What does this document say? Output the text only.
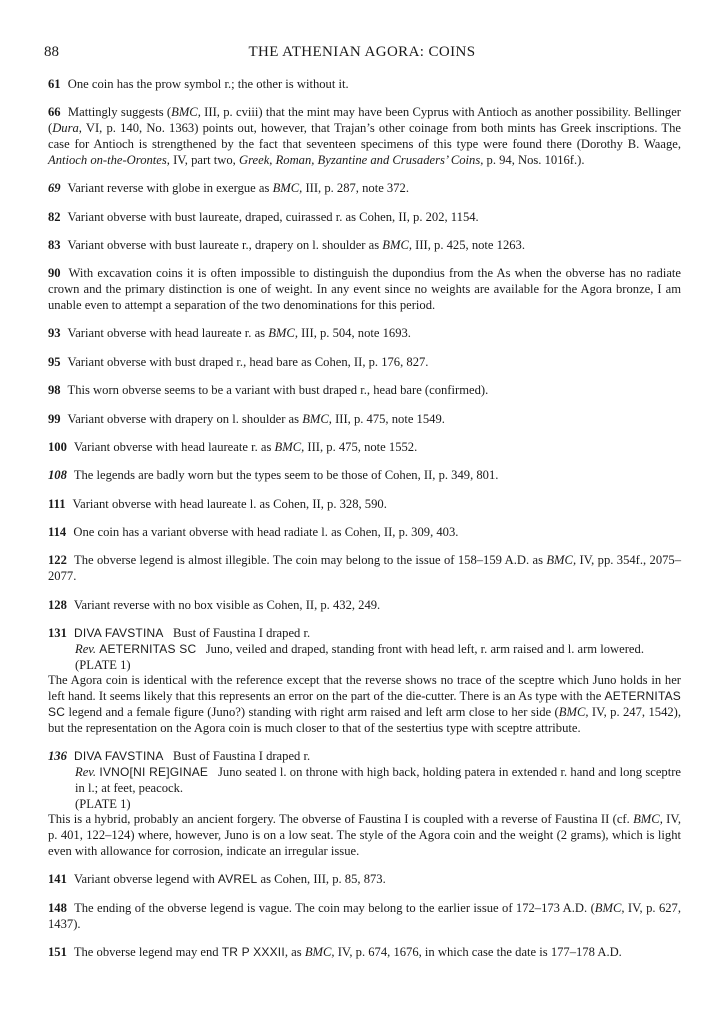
88	THE ATHENIAN AGORA: COINS

61 One coin has the prow symbol r.; the other is without it.

66 Mattingly suggests (BMC, III, p. cviii) that the mint may have been Cyprus with Antioch as another possibility. Bellinger (Dura, VI, p. 140, No. 1363) points out, however, that Trajan’s other coinage from both mints has Greek inscriptions. The case for Antioch is strengthened by the fact that seventeen specimens of this type were found there (Dorothy B. Waage, Antioch on-the-Orontes, IV, part two, Greek, Roman, Byzantine and Crusaders’ Coins, p. 94, Nos. 1016f.).

69 Variant reverse with globe in exergue as BMC, III, p. 287, note 372.

82 Variant obverse with bust laureate, draped, cuirassed r. as Cohen, II, p. 202, 1154.

83 Variant obverse with bust laureate r., drapery on l. shoulder as BMC, III, p. 425, note 1263.

90 With excavation coins it is often impossible to distinguish the dupondius from the As when the obverse has no radiate crown and the primary distinction is one of weight. In any event since no weights are available for the Agora bronze, I am unable even to attempt a separation of the two denominations for this period.

93 Variant obverse with head laureate r. as BMC, III, p. 504, note 1693.

95 Variant obverse with bust draped r., head bare as Cohen, II, p. 176, 827.

98 This worn obverse seems to be a variant with bust draped r., head bare (confirmed).

99 Variant obverse with drapery on l. shoulder as BMC, III, p. 475, note 1549.

100 Variant obverse with head laureate r. as BMC, III, p. 475, note 1552.

108 The legends are badly worn but the types seem to be those of Cohen, II, p. 349, 801.

111 Variant obverse with head laureate l. as Cohen, II, p. 328, 590.

114 One coin has a variant obverse with head radiate l. as Cohen, II, p. 309, 403.

122 The obverse legend is almost illegible. The coin may belong to the issue of 158–159 A.D. as BMC, IV, pp. 354f., 2075–2077.

128 Variant reverse with no box visible as Cohen, II, p. 432, 249.

131 DIVA FAVSTINA Bust of Faustina I draped r.
Rev. AETERNITAS SC Juno, veiled and draped, standing front with head left, r. arm raised and l. arm lowered.
(PLATE 1)
The Agora coin is identical with the reference except that the reverse shows no trace of the sceptre which Juno holds in her left hand. It seems likely that this represents an error on the part of the die-cutter. There is an As type with the AETERNITAS SC legend and a female figure (Juno?) standing with right arm raised and left arm close to her side (BMC, IV, p. 247, 1542), but the representation on the Agora coin is much closer to that of the sestertius type with sceptre attribute.
136 DIVA FAVSTINA Bust of Faustina I draped r.
Rev. IVNO[NI RE]GINAE Juno seated l. on throne with high back, holding patera in extended r. hand and long sceptre in l.; at feet, peacock.
(PLATE 1)
This is a hybrid, probably an ancient forgery. The obverse of Faustina I is coupled with a reverse of Faustina II (cf. BMC, IV, p. 401, 122–124) where, however, Juno is on a low seat. The style of the Agora coin and the weight (2 grams), which is light even with allowance for corrosion, indicate an irregular issue.

141 Variant obverse legend with AVREL as Cohen, III, p. 85, 873.

148 The ending of the obverse legend is vague. The coin may belong to the earlier issue of 172–173 A.D. (BMC, IV, p. 627, 1437).

151 The obverse legend may end TR P XXXII, as BMC, IV, p. 674, 1676, in which case the date is 177–178 A.D.
